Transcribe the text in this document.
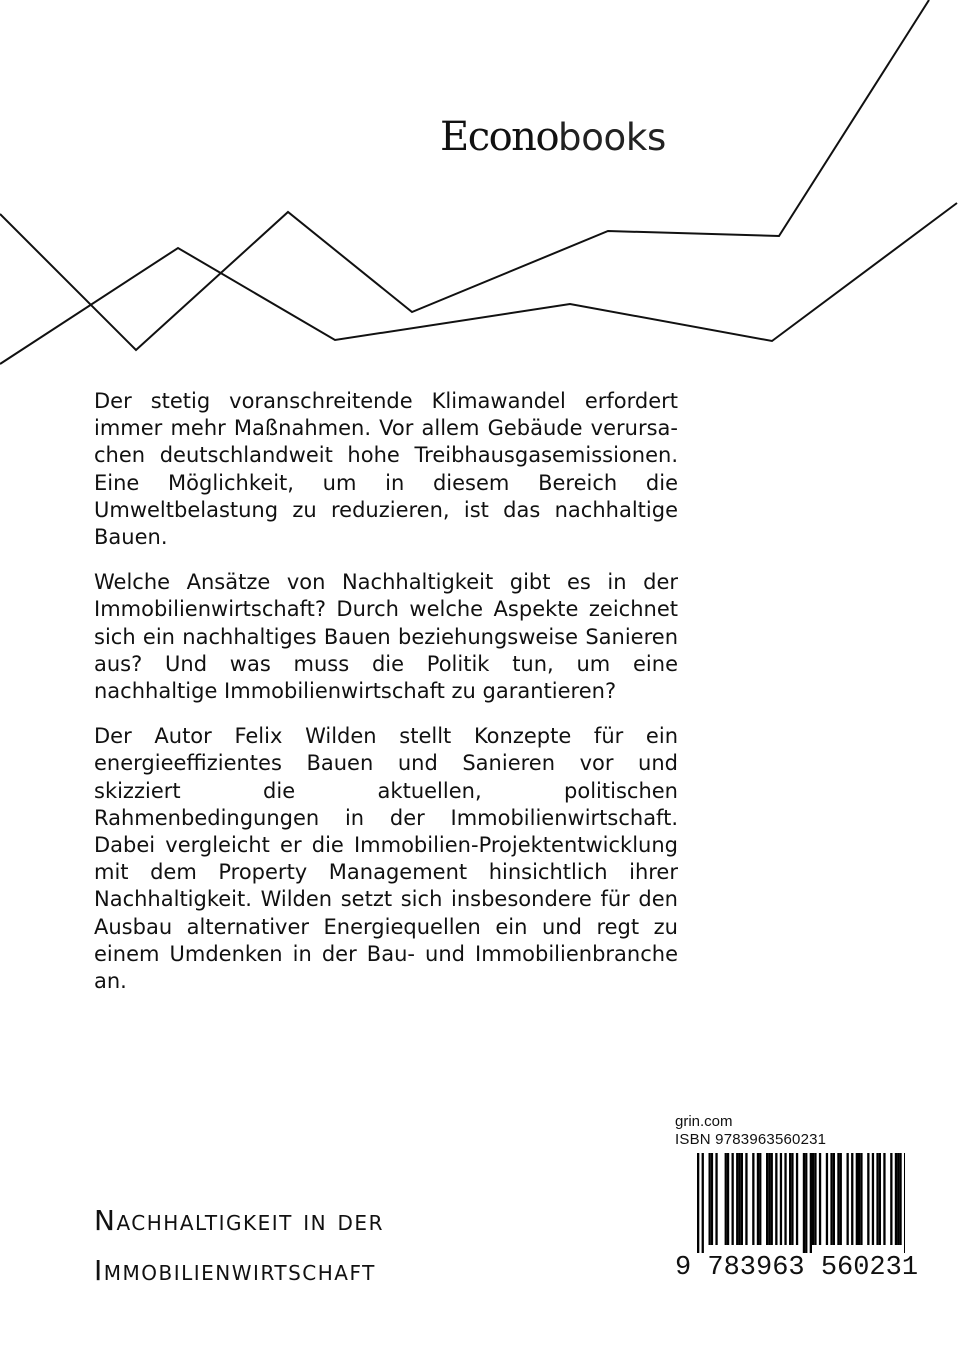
Econobooks

Der stetig voranschreitende Klimawandel erfordert immer mehr Maßnahmen. Vor allem Gebäude verursachen deutschlandweit hohe Treibhausgasemissionen. Eine Möglichkeit, um in diesem Bereich die Umweltbelastung zu reduzieren, ist das nachhaltige Bauen.

Welche Ansätze von Nachhaltigkeit gibt es in der Immobilienwirtschaft? Durch welche Aspekte zeichnet sich ein nachhaltiges Bauen beziehungsweise Sanieren aus? Und was muss die Politik tun, um eine nachhaltige Immobilienwirtschaft zu garantieren?

Der Autor Felix Wilden stellt Konzepte für ein energieeffizientes Bauen und Sanieren vor und skizziert die aktuellen, politischen Rahmenbedingungen in der Immobilienwirtschaft. Dabei vergleicht er die Immobilien-Projektentwicklung mit dem Property Management hinsichtlich ihrer Nachhaltigkeit. Wilden setzt sich insbesondere für den Ausbau alternativer Energiequellen ein und regt zu einem Umdenken in der Bau- und Immobilienbranche an.

Nachhaltigkeit in der
Immobilienwirtschaft
grin.com
ISBN 9783963560231
9 783963 560231
